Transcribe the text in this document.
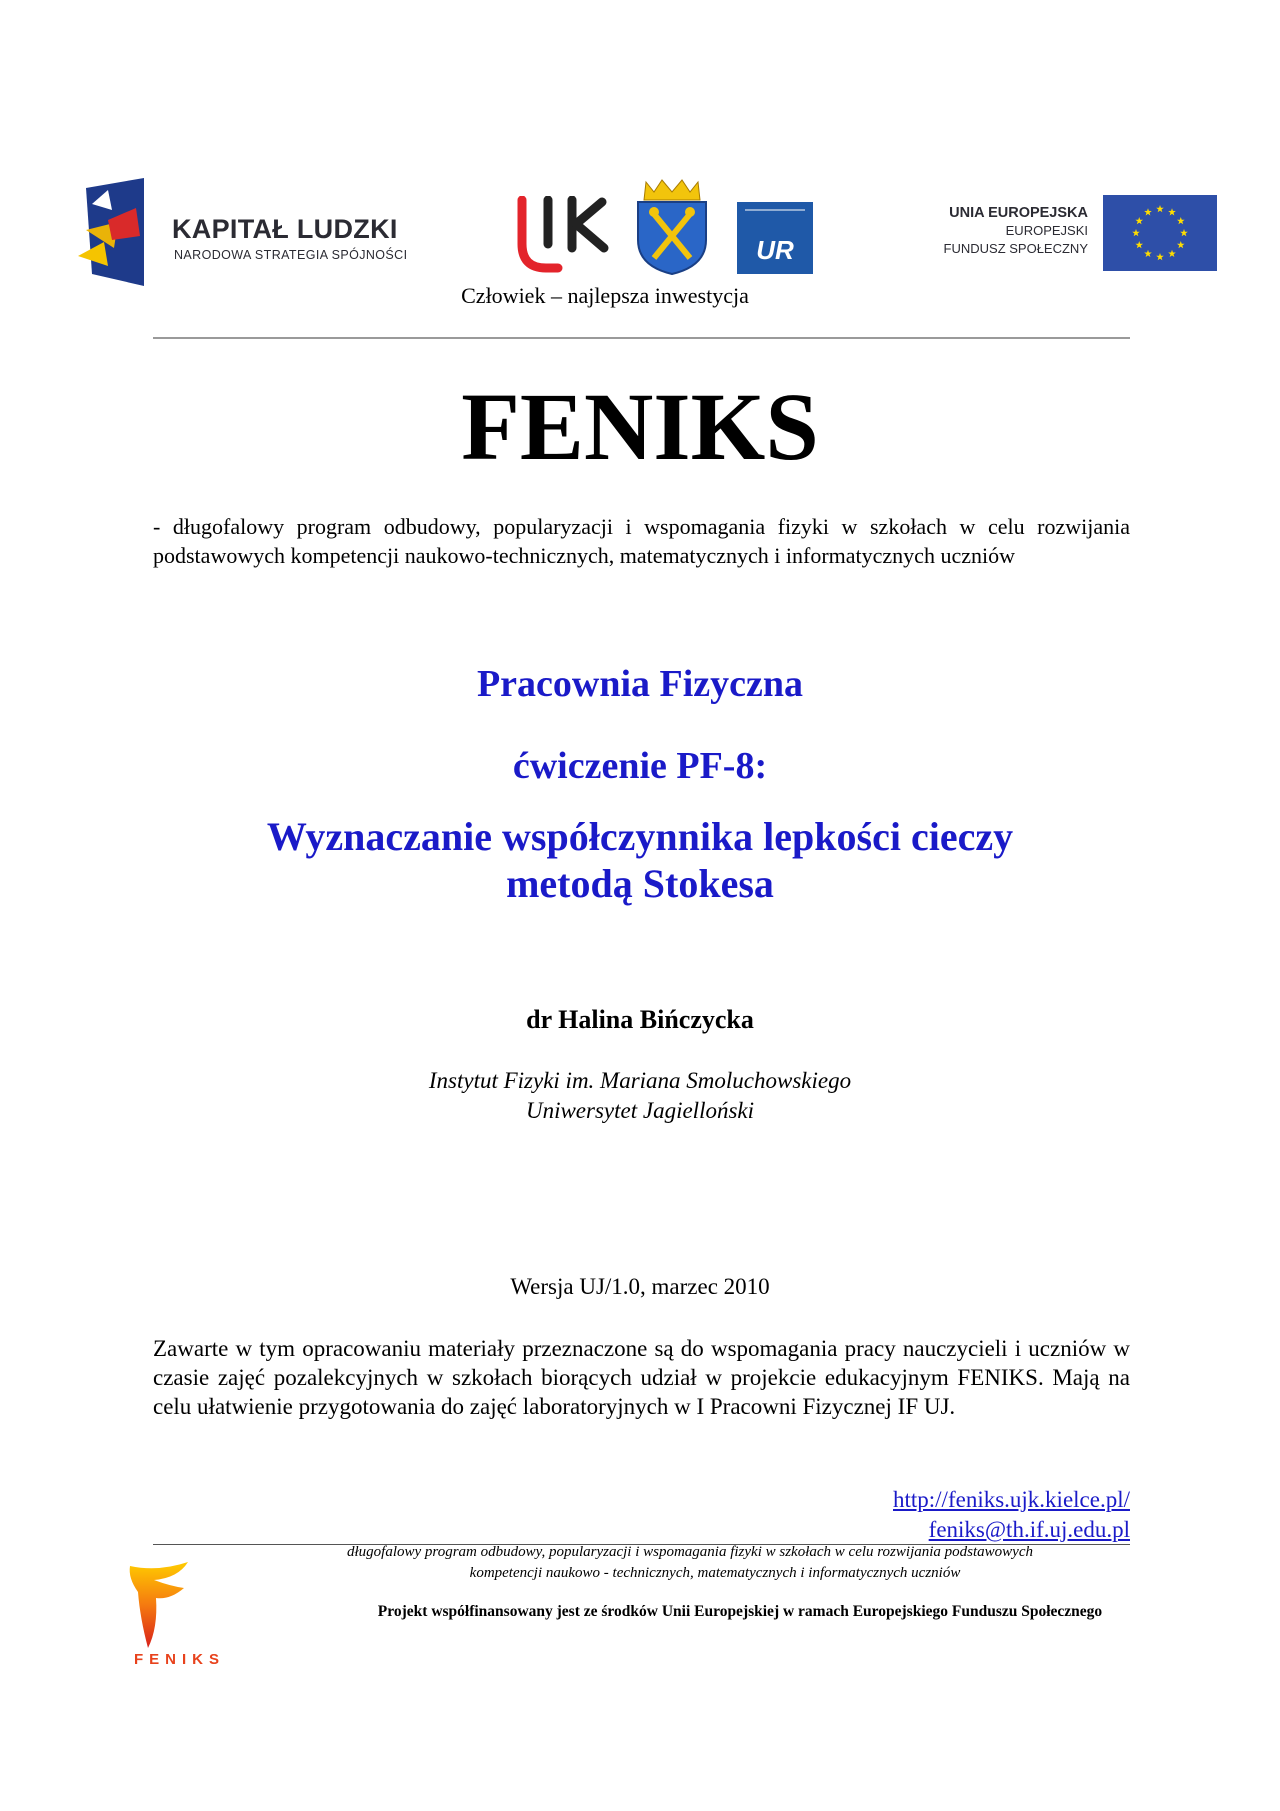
KAPITAŁ LUDZKI
NARODOWA STRATEGIA SPÓJNOŚCI	UR
UNIA EUROPEJSKA
EUROPEJSKI
FUNDUSZ SPOŁECZNY
Człowiek – najlepsza inwestycja
FENIKS
- długofalowy program odbudowy, popularyzacji i wspomagania fizyki w szkołach w celu rozwijania podstawowych kompetencji naukowo-technicznych, matematycznych i informatycznych uczniów
Pracownia Fizyczna
ćwiczenie PF-8:
Wyznaczanie współczynnika lepkości cieczy
metodą Stokesa
dr Halina Bińczycka
Instytut Fizyki im. Mariana Smoluchowskiego
Uniwersytet Jagielloński
Wersja UJ/1.0, marzec 2010
Zawarte w tym opracowaniu materiały przeznaczone są do wspomagania pracy nauczycieli i uczniów w czasie zajęć pozalekcyjnych w szkołach biorących udział w projekcie edukacyjnym FENIKS. Mają na celu ułatwienie przygotowania do zajęć laboratoryjnych w I Pracowni Fizycznej IF UJ.
http://feniks.ujk.kielce.pl/
feniks@th.if.uj.edu.pl
FENIKS
długofalowy program odbudowy, popularyzacji i wspomagania fizyki w szkołach w celu rozwijania podstawowych
kompetencji naukowo - technicznych, matematycznych i informatycznych uczniów
Projekt współfinansowany jest ze środków Unii Europejskiej w ramach Europejskiego Funduszu Społecznego
